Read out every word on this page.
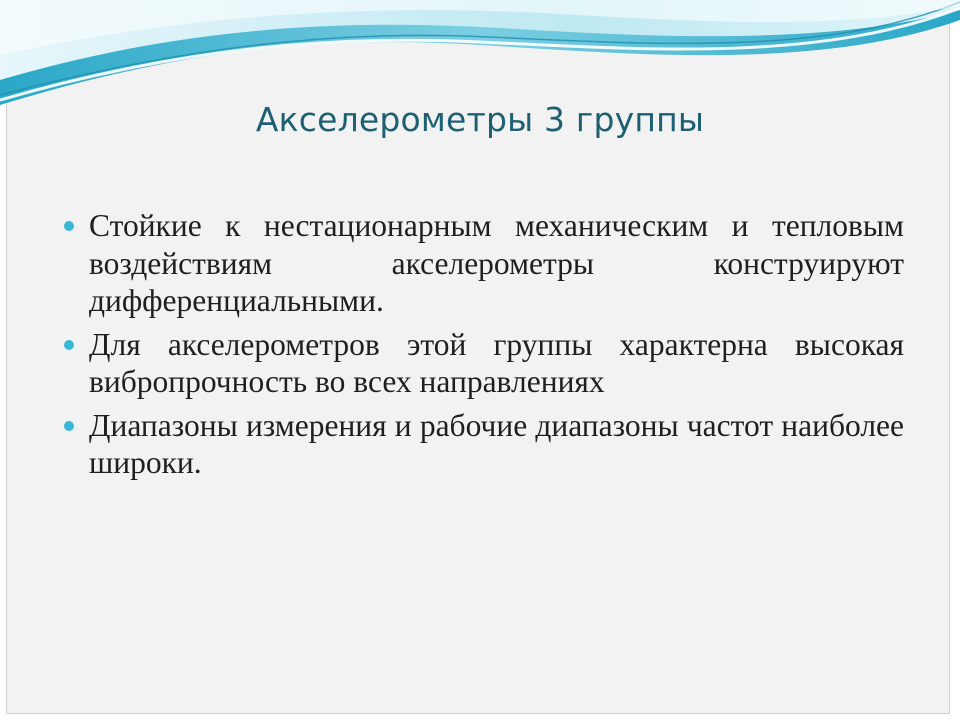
Акселерометры 3 группы
Стойкие к нестационарным механическим и тепловым воздействиям акселерометры конструируют дифференциальными.
Для акселерометров этой группы характерна высокая вибропрочность во всех направлениях
Диапазоны измерения и рабочие диапазоны частот наиболее широки.
